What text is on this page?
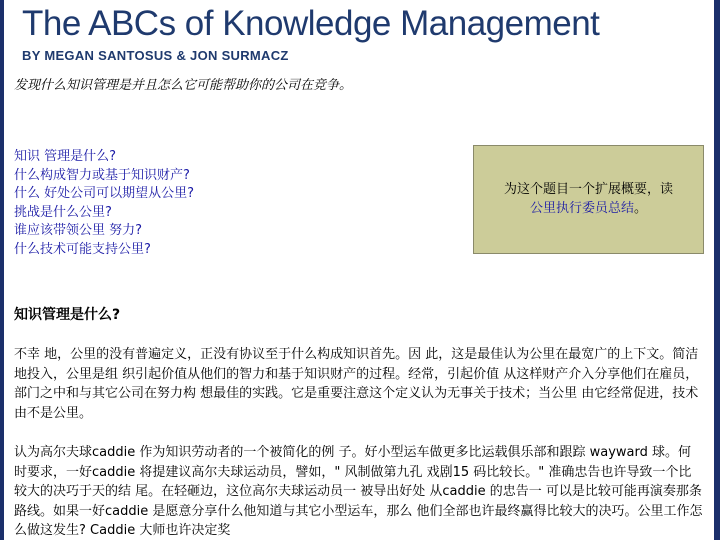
The ABCs of Knowledge Management
BY MEGAN SANTOSUS & JON SURMACZ
发现什么知识管理是并且怎么它可能帮助你的公司在竞争。
知识 管理是什么?
什么构成智力或基于知识财产?
什么 好处公司可以期望从公里?
挑战是什么公里?
谁应该带领公里 努力?
什么技术可能支持公里?
为这个题目一个扩展概要，读
公里执行委员总结。
知识管理是什么?

不幸 地，公里的没有普遍定义，正没有协议至于什么构成知识首先。因 此，这是最佳认为公里在最宽广的上下文。简洁地投入，公里是组 织引起价值从他们的智力和基于知识财产的过程。经常，引起价值 从这样财产介入分享他们在雇员，部门之中和与其它公司在努力构 想最佳的实践。它是重要注意这个定义认为无事关于技术；当公里 由它经常促进，技术由不是公里。

认为高尔夫球caddie 作为知识劳动者的一个被简化的例 子。好小型运车做更多比运载俱乐部和跟踪 wayward 球。何时要求，一好caddie 将提建议高尔夫球运动员，譬如，" 风制做第九孔 戏剧15 码比较长。" 准确忠告也许导致一个比较大的决巧于天的结 尾。在轻砸边，这位高尔夫球运动员一 被导出好处 从caddie 的忠告一 可以是比较可能再演奏那条路线。如果一好caddie 是愿意分享什么他知道与其它小型运车，那么 他们全部也许最终赢得比较大的决巧。公里工作怎么做这发生? Caddie 大师也许决定奖
